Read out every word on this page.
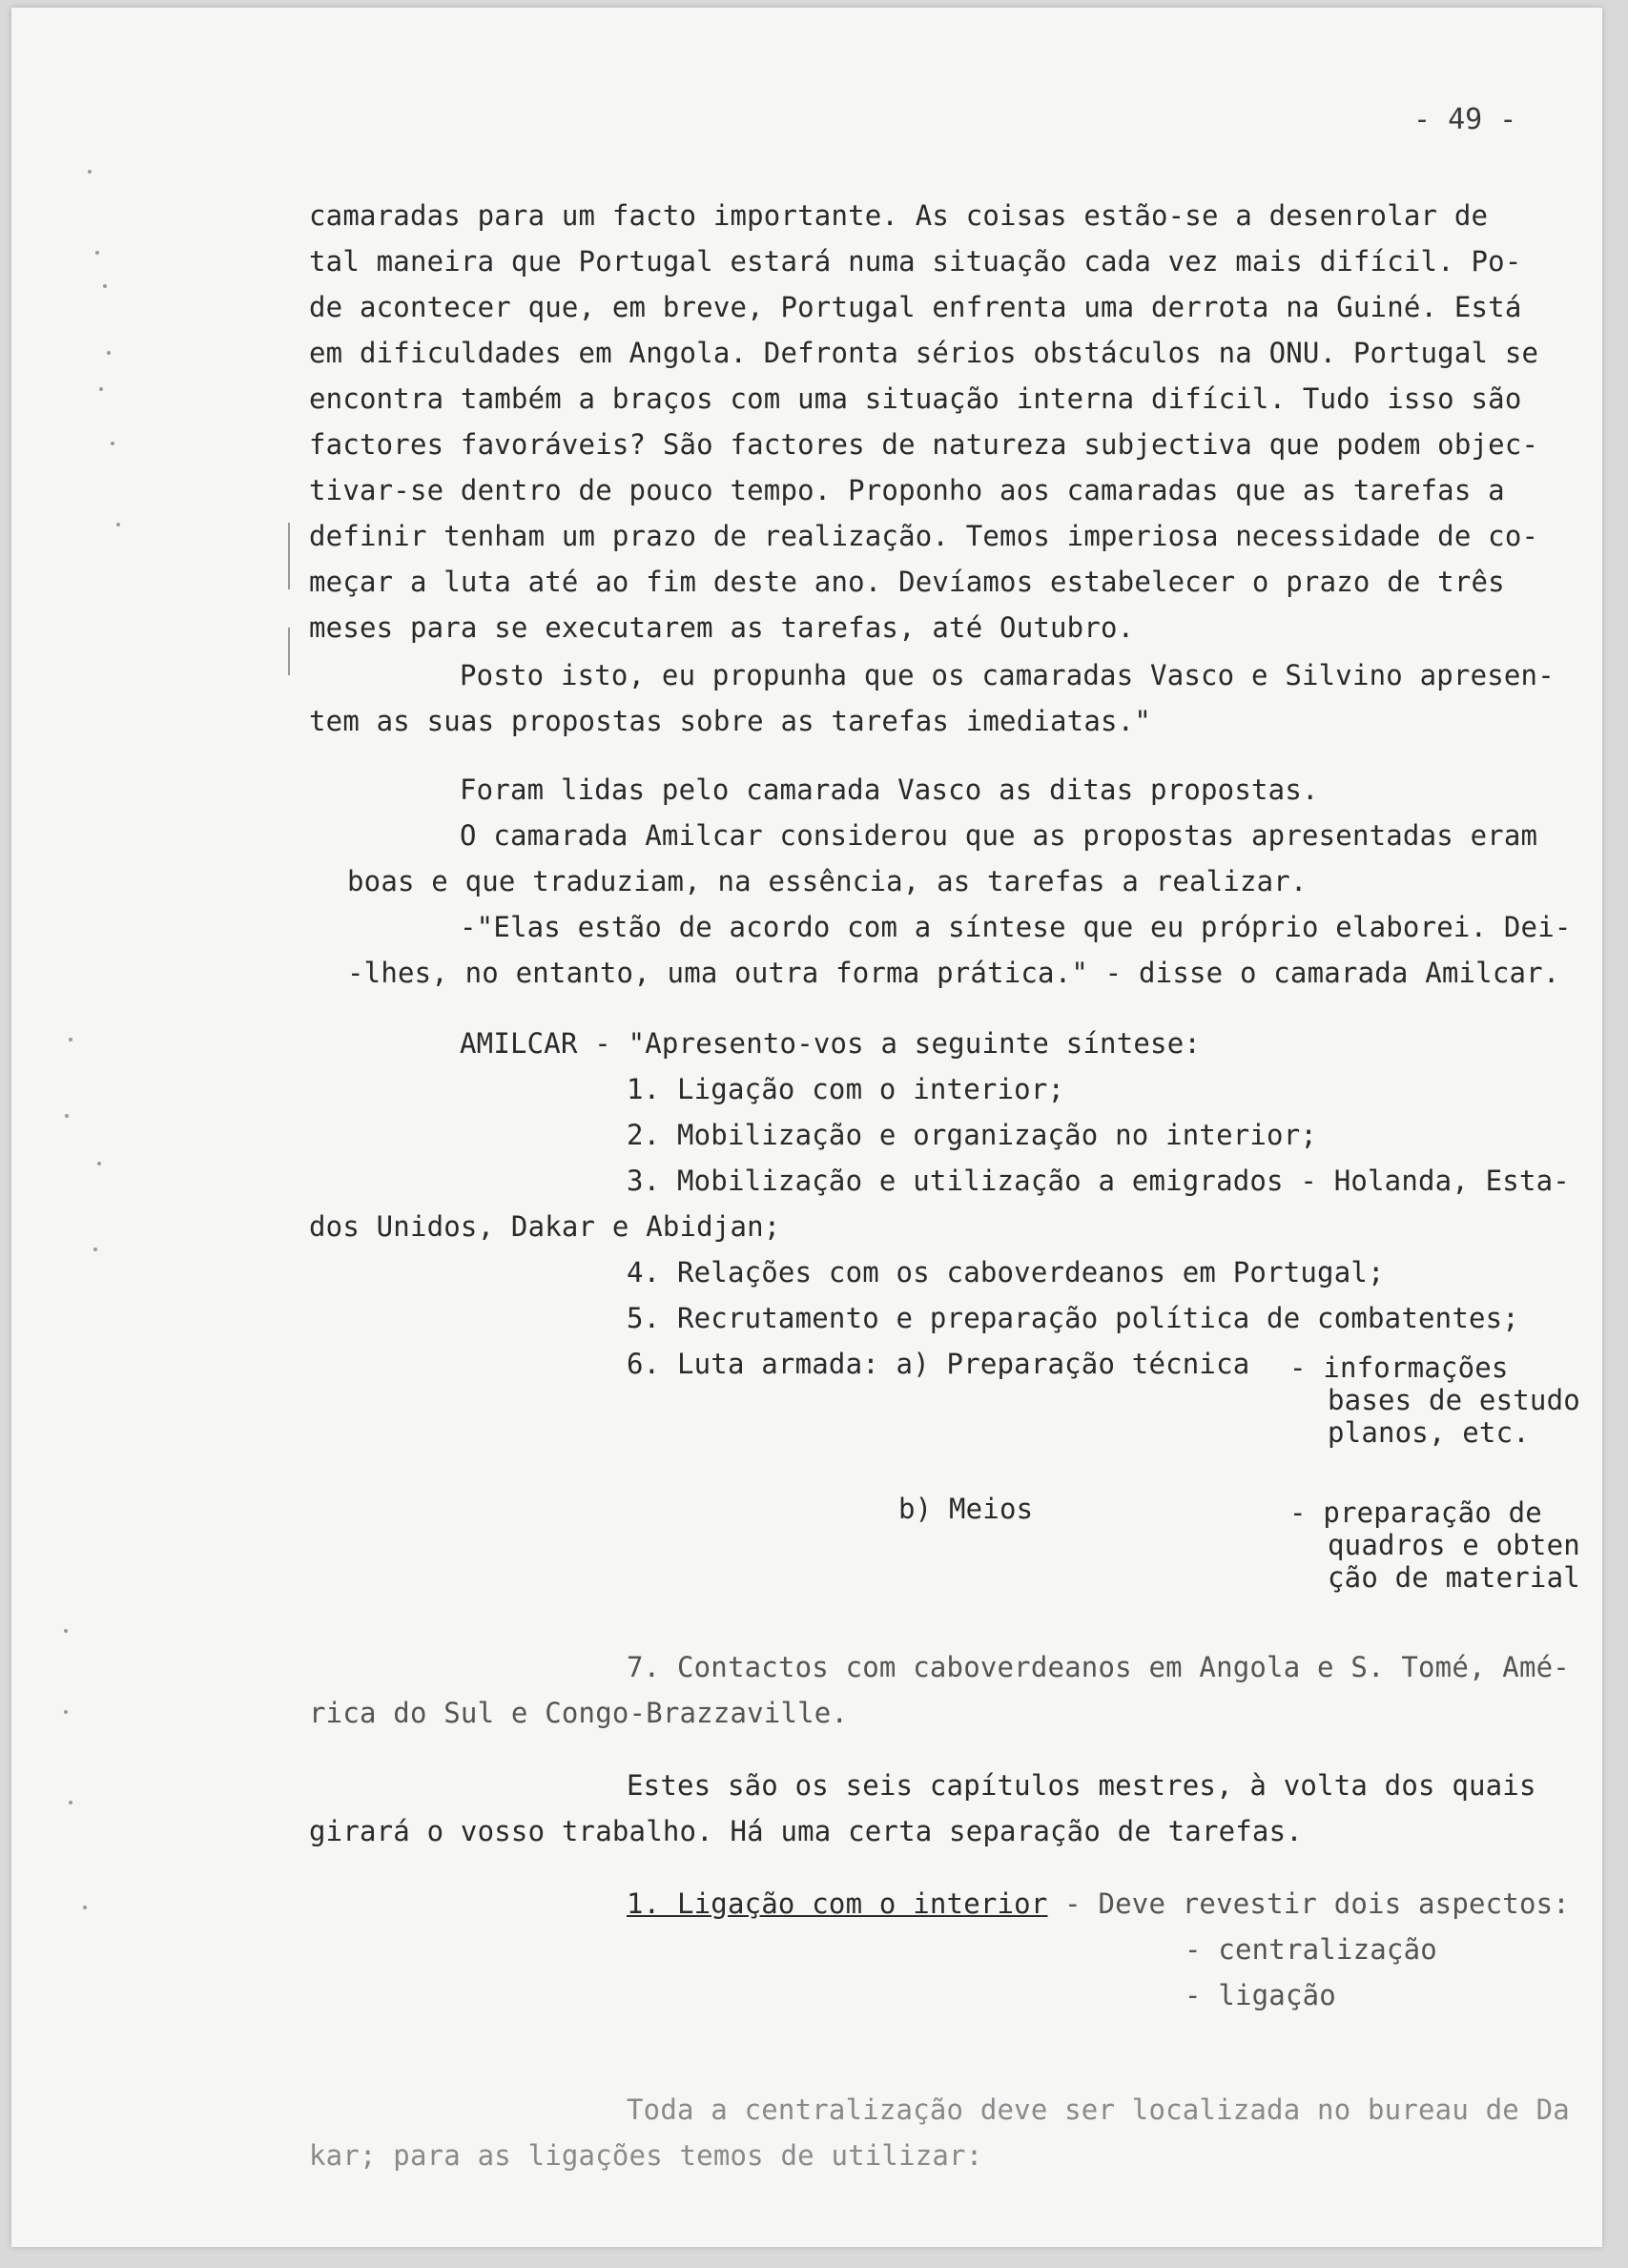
- 49 -
camaradas para um facto importante. As coisas estão-se a desenrolar de
tal maneira que Portugal estará numa situação cada vez mais difícil. Po-
de acontecer que, em breve, Portugal enfrenta uma derrota na Guiné. Está
em dificuldades em Angola. Defronta sérios obstáculos na ONU. Portugal se
encontra também a braços com uma situação interna difícil. Tudo isso são
factores favoráveis? São factores de natureza subjectiva que podem objec-
tivar-se dentro de pouco tempo. Proponho aos camaradas que as tarefas a
definir tenham um prazo de realização. Temos imperiosa necessidade de co-
meçar a luta até ao fim deste ano. Devíamos estabelecer o prazo de três
meses para se executarem as tarefas, até Outubro.
Posto isto, eu propunha que os camaradas Vasco e Silvino apresen-
tem as suas propostas sobre as tarefas imediatas."
Foram lidas pelo camarada Vasco as ditas propostas.
O camarada Amilcar considerou que as propostas apresentadas eram
boas e que traduziam, na essência, as tarefas a realizar.
-"Elas estão de acordo com a síntese que eu próprio elaborei. Dei-
-lhes, no entanto, uma outra forma prática." - disse o camarada Amilcar.
AMILCAR - "Apresento-vos a seguinte síntese:
1. Ligação com o interior;
2. Mobilização e organização no interior;
3. Mobilização e utilização a emigrados - Holanda, Esta-
dos Unidos, Dakar e Abidjan;
4. Relações com os caboverdeanos em Portugal;
5. Recrutamento e preparação política de combatentes;
6. Luta armada: a) Preparação técnica - informações
bases de estudo
planos, etc.
b) Meios	- preparação de
quadros e obten
ção de material
7. Contactos com caboverdeanos em Angola e S. Tomé, Amé-
rica do Sul e Congo-Brazzaville.
Estes são os seis capítulos mestres, à volta dos quais
girará o vosso trabalho. Há uma certa separação de tarefas.
1. Ligação com o interior - Deve revestir dois aspectos:
- centralização
- ligação
Toda a centralização deve ser localizada no bureau de Da
kar; para as ligações temos de utilizar:
